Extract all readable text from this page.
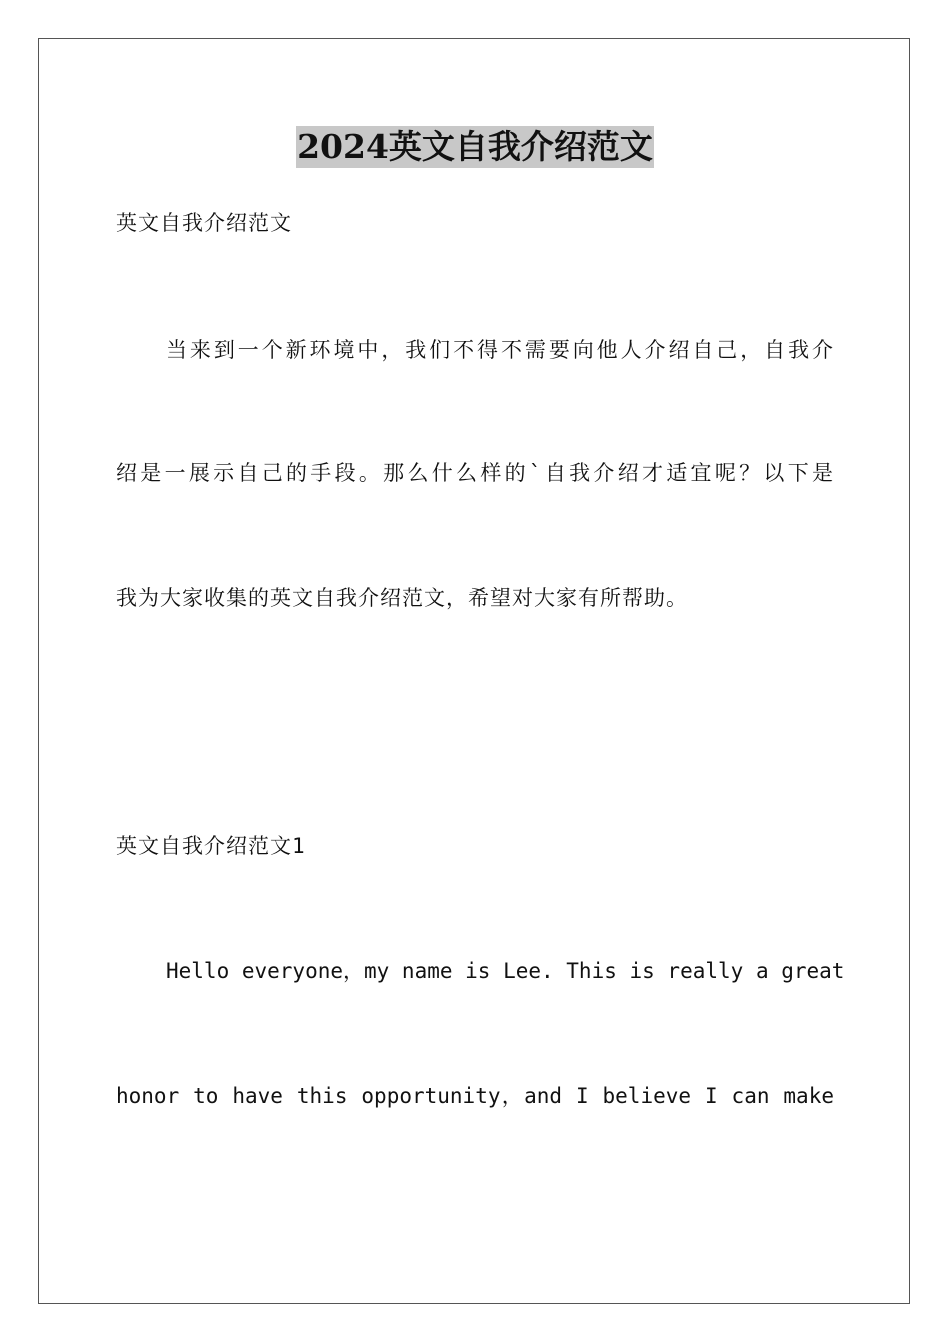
2024英文自我介绍范文
英文自我介绍范文
当来到一个新环境中，我们不得不需要向他人介绍自己，自我介
绍是一展示自己的手段。那么什么样的`自我介绍才适宜呢？以下是
我为大家收集的英文自我介绍范文，希望对大家有所帮助。
英文自我介绍范文1
Hello everyone，my name is Lee. This is really a great
honor to have this opportunity，and I believe I can make
